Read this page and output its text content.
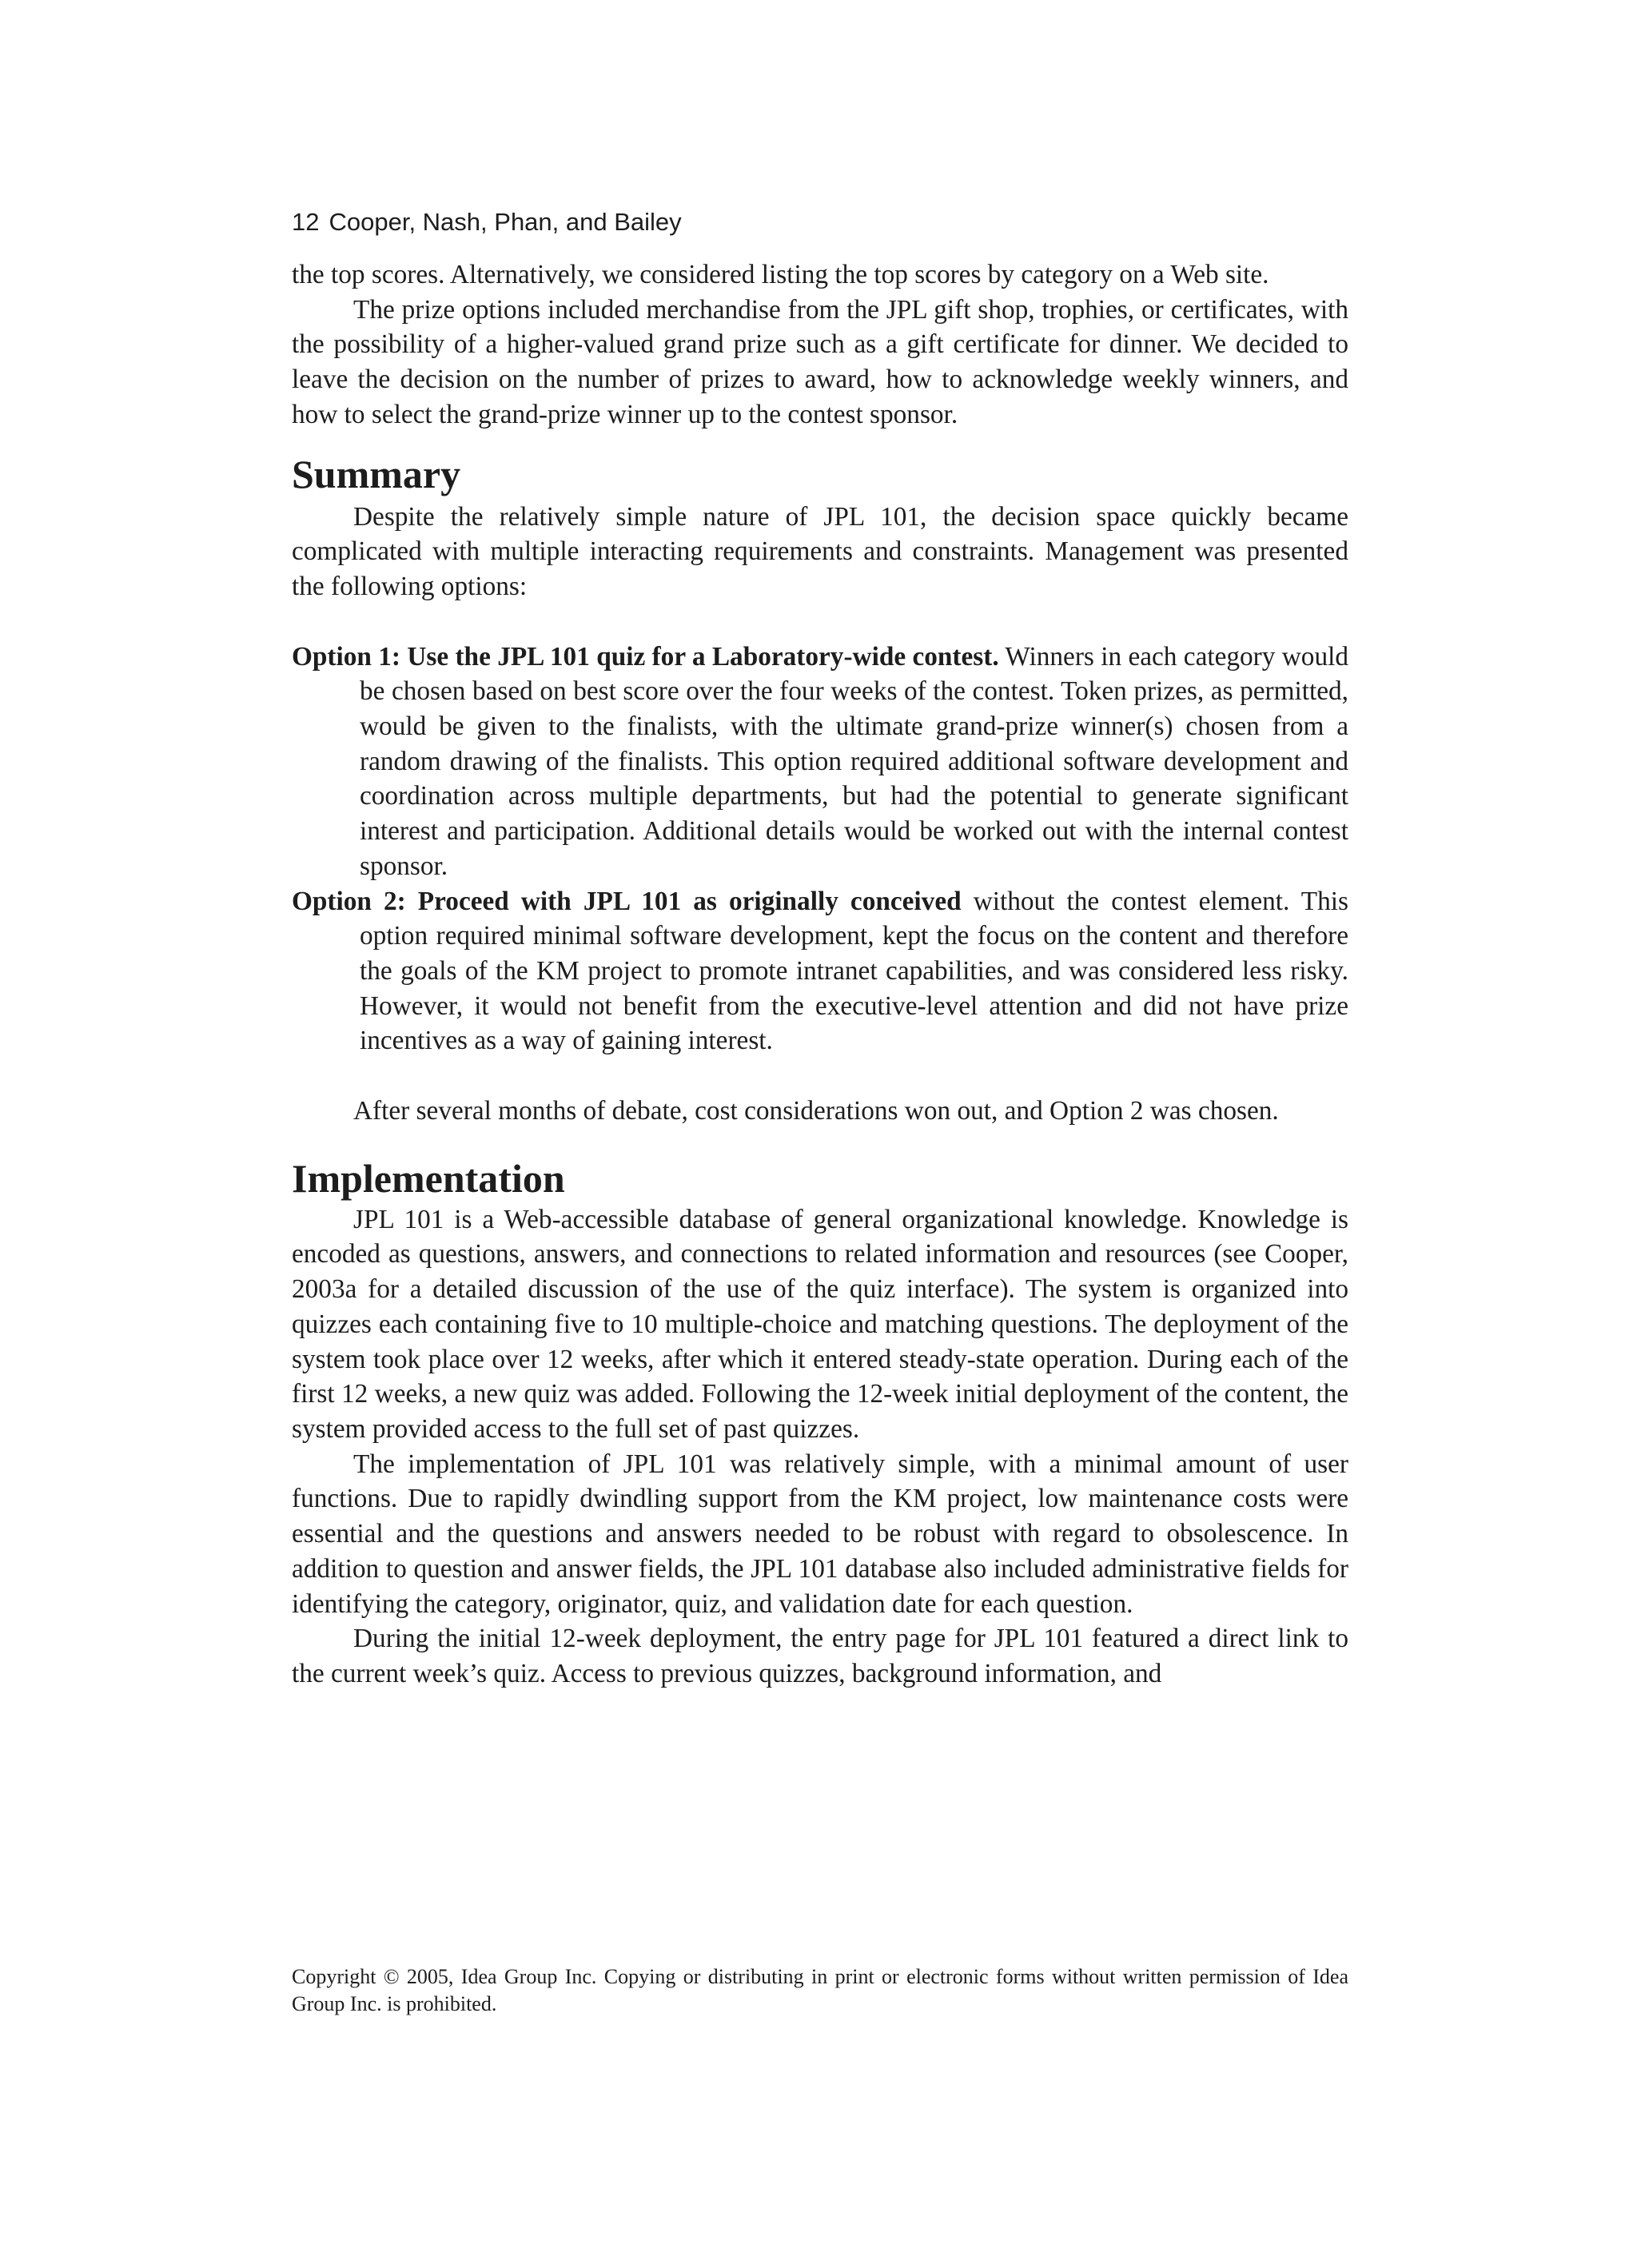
12 Cooper, Nash, Phan, and Bailey

the top scores. Alternatively, we considered listing the top scores by category on a Web site.

The prize options included merchandise from the JPL gift shop, trophies, or certificates, with the possibility of a higher-valued grand prize such as a gift certificate for dinner. We decided to leave the decision on the number of prizes to award, how to acknowledge weekly winners, and how to select the grand-prize winner up to the contest sponsor.

Summary

Despite the relatively simple nature of JPL 101, the decision space quickly became complicated with multiple interacting requirements and constraints. Management was presented the following options:

Option 1: Use the JPL 101 quiz for a Laboratory-wide contest. Winners in each category would be chosen based on best score over the four weeks of the contest. Token prizes, as permitted, would be given to the finalists, with the ultimate grand-prize winner(s) chosen from a random drawing of the finalists. This option required additional software development and coordination across multiple departments, but had the potential to generate significant interest and participation. Additional details would be worked out with the internal contest sponsor.

Option 2: Proceed with JPL 101 as originally conceived without the contest element. This option required minimal software development, kept the focus on the content and therefore the goals of the KM project to promote intranet capabilities, and was considered less risky. However, it would not benefit from the executive-level attention and did not have prize incentives as a way of gaining interest.

After several months of debate, cost considerations won out, and Option 2 was chosen.

Implementation

JPL 101 is a Web-accessible database of general organizational knowledge. Knowledge is encoded as questions, answers, and connections to related information and resources (see Cooper, 2003a for a detailed discussion of the use of the quiz interface). The system is organized into quizzes each containing five to 10 multiple-choice and matching questions. The deployment of the system took place over 12 weeks, after which it entered steady-state operation. During each of the first 12 weeks, a new quiz was added. Following the 12-week initial deployment of the content, the system provided access to the full set of past quizzes.

The implementation of JPL 101 was relatively simple, with a minimal amount of user functions. Due to rapidly dwindling support from the KM project, low maintenance costs were essential and the questions and answers needed to be robust with regard to obsolescence. In addition to question and answer fields, the JPL 101 database also included administrative fields for identifying the category, originator, quiz, and validation date for each question.

During the initial 12-week deployment, the entry page for JPL 101 featured a direct link to the current week’s quiz. Access to previous quizzes, background information, and

Copyright © 2005, Idea Group Inc. Copying or distributing in print or electronic forms without written permission of Idea Group Inc. is prohibited.
